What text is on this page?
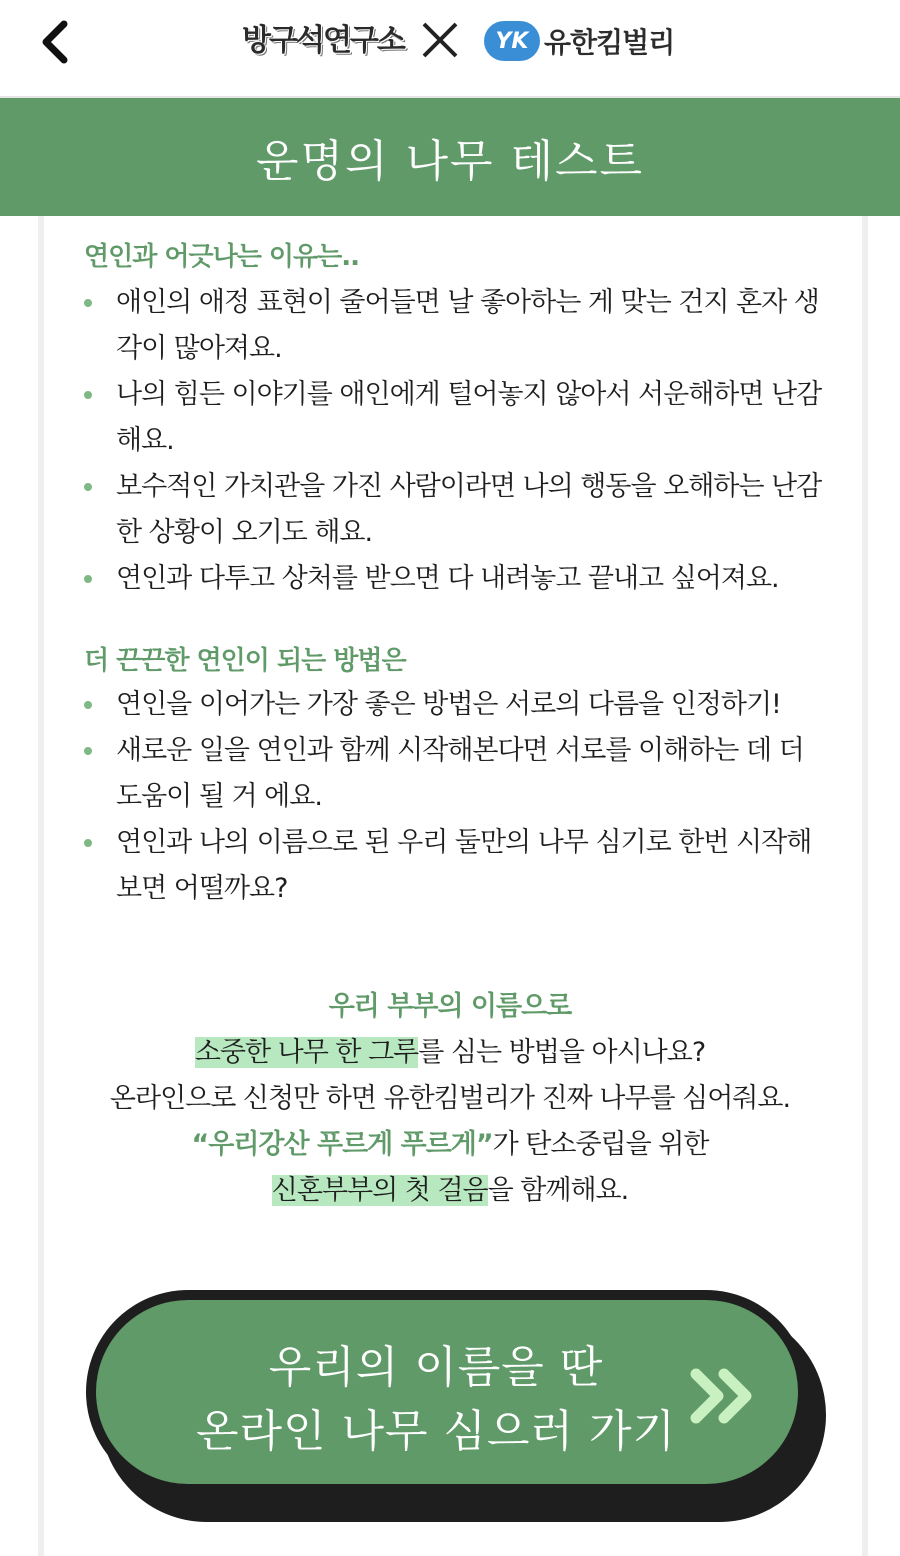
방구석연구소	YK 유한킴벌리
운명의 나무 테스트
연인과 어긋나는 이유는..
애인의 애정 표현이 줄어들면 날 좋아하는 게 맞는 건지 혼자 생각이 많아져요.
나의 힘든 이야기를 애인에게 털어놓지 않아서 서운해하면 난감해요.
보수적인 가치관을 가진 사람이라면 나의 행동을 오해하는 난감한 상황이 오기도 해요.
연인과 다투고 상처를 받으면 다 내려놓고 끝내고 싶어져요.
더 끈끈한 연인이 되는 방법은
연인을 이어가는 가장 좋은 방법은 서로의 다름을 인정하기!
새로운 일을 연인과 함께 시작해본다면 서로를 이해하는 데 더 도움이 될 거 에요.
연인과 나의 이름으로 된 우리 둘만의 나무 심기로 한번 시작해 보면 어떨까요?
우리 부부의 이름으로
소중한 나무 한 그루를 심는 방법을 아시나요?
온라인으로 신청만 하면 유한킴벌리가 진짜 나무를 심어줘요.
“우리강산 푸르게 푸르게”가 탄소중립을 위한
신혼부부의 첫 걸음을 함께해요.
우리의 이름을 딴
온라인 나무 심으러 가기
